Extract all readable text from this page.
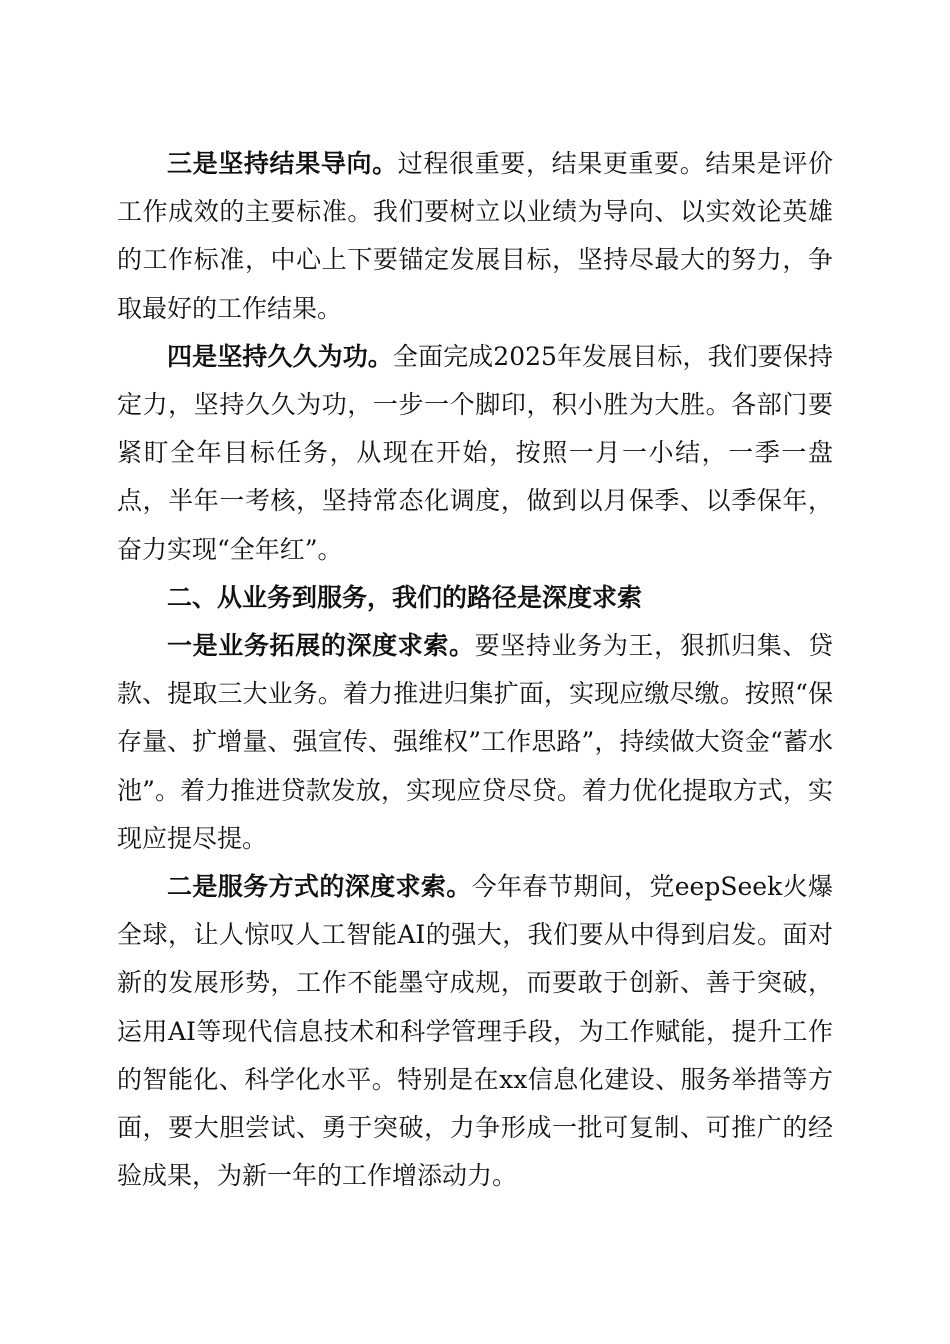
三是坚持结果导向。过程很重要，结果更重要。结果是评价工作成效的主要标准。我们要树立以业绩为导向、以实效论英雄的工作标准，中心上下要锚定发展目标，坚持尽最大的努力，争取最好的工作结果。

四是坚持久久为功。全面完成2025年发展目标，我们要保持定力，坚持久久为功，一步一个脚印，积小胜为大胜。各部门要紧盯全年目标任务，从现在开始，按照一月一小结，一季一盘点，半年一考核，坚持常态化调度，做到以月保季、以季保年，奋力实现“全年红”。

二、从业务到服务，我们的路径是深度求索

一是业务拓展的深度求索。要坚持业务为王，狠抓归集、贷款、提取三大业务。着力推进归集扩面，实现应缴尽缴。按照“保存量、扩增量、强宣传、强维权”工作思路”，持续做大资金“蓄水池”。着力推进贷款发放，实现应贷尽贷。着力优化提取方式，实现应提尽提。

二是服务方式的深度求索。今年春节期间，党eepSeek火爆全球，让人惊叹人工智能AI的强大，我们要从中得到启发。面对新的发展形势，工作不能墨守成规，而要敢于创新、善于突破，运用AI等现代信息技术和科学管理手段，为工作赋能，提升工作的智能化、科学化水平。特别是在xx信息化建设、服务举措等方面，要大胆尝试、勇于突破，力争形成一批可复制、可推广的经验成果，为新一年的工作增添动力。
